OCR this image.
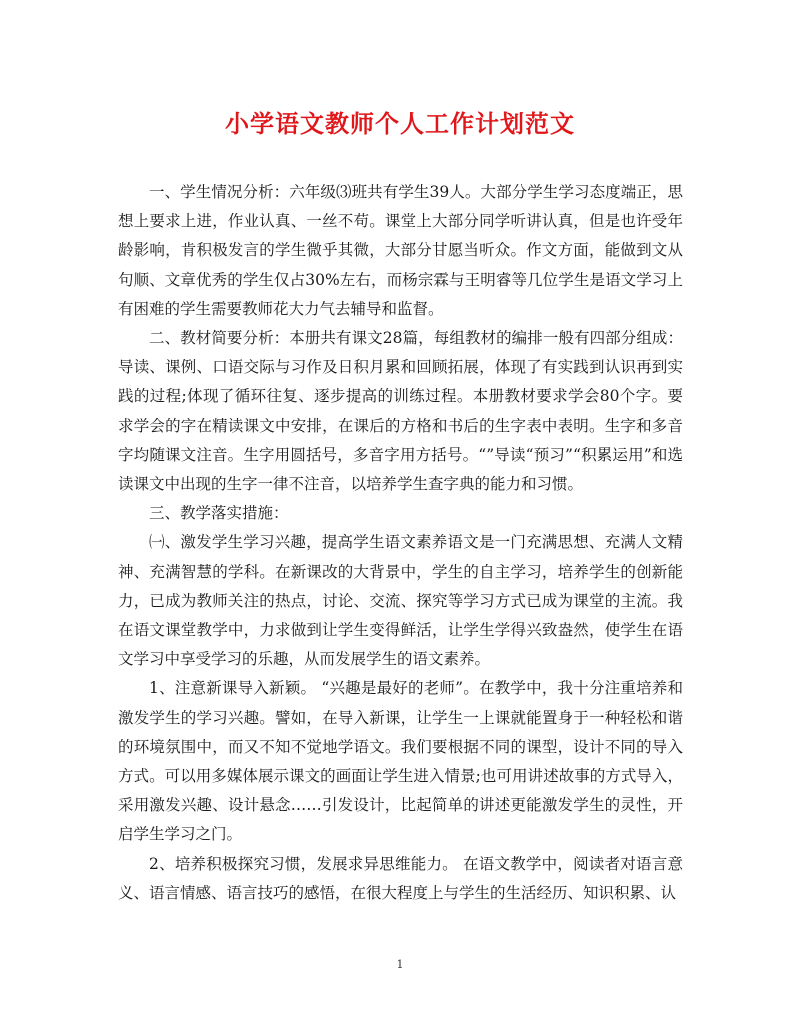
小学语文教师个人工作计划范文

一、学生情况分析：六年级⑶班共有学生39人。大部分学生学习态度端正，思想上要求上进，作业认真、一丝不苟。课堂上大部分同学听讲认真，但是也许受年龄影响，肯积极发言的学生微乎其微，大部分甘愿当听众。作文方面，能做到文从句顺、文章优秀的学生仅占30%左右，而杨宗霖与王明睿等几位学生是语文学习上有困难的学生需要教师花大力气去辅导和监督。

二、教材简要分析：本册共有课文28篇，每组教材的编排一般有四部分组成：导读、课例、口语交际与习作及日积月累和回顾拓展，体现了有实践到认识再到实践的过程;体现了循环往复、逐步提高的训练过程。本册教材要求学会80个字。要求学会的字在精读课文中安排，在课后的方格和书后的生字表中表明。生字和多音字均随课文注音。生字用圆括号，多音字用方括号。“”导读“预习”“积累运用”和选读课文中出现的生字一律不注音，以培养学生查字典的能力和习惯。

三、教学落实措施：

㈠、激发学生学习兴趣，提高学生语文素养语文是一门充满思想、充满人文精神、充满智慧的学科。在新课改的大背景中，学生的自主学习，培养学生的创新能力，已成为教师关注的热点，讨论、交流、探究等学习方式已成为课堂的主流。我在语文课堂教学中，力求做到让学生变得鲜活，让学生学得兴致盎然，使学生在语文学习中享受学习的乐趣，从而发展学生的语文素养。

1、注意新课导入新颖。 “兴趣是最好的老师”。在教学中，我十分注重培养和激发学生的学习兴趣。譬如，在导入新课，让学生一上课就能置身于一种轻松和谐的环境氛围中，而又不知不觉地学语文。我们要根据不同的课型，设计不同的导入方式。可以用多媒体展示课文的画面让学生进入情景;也可用讲述故事的方式导入，采用激发兴趣、设计悬念……引发设计，比起简单的讲述更能激发学生的灵性，开启学生学习之门。

2、培养积极探究习惯，发展求异思维能力。 在语文教学中，阅读者对语言意义、语言情感、语言技巧的感悟，在很大程度上与学生的生活经历、知识积累、认

1
